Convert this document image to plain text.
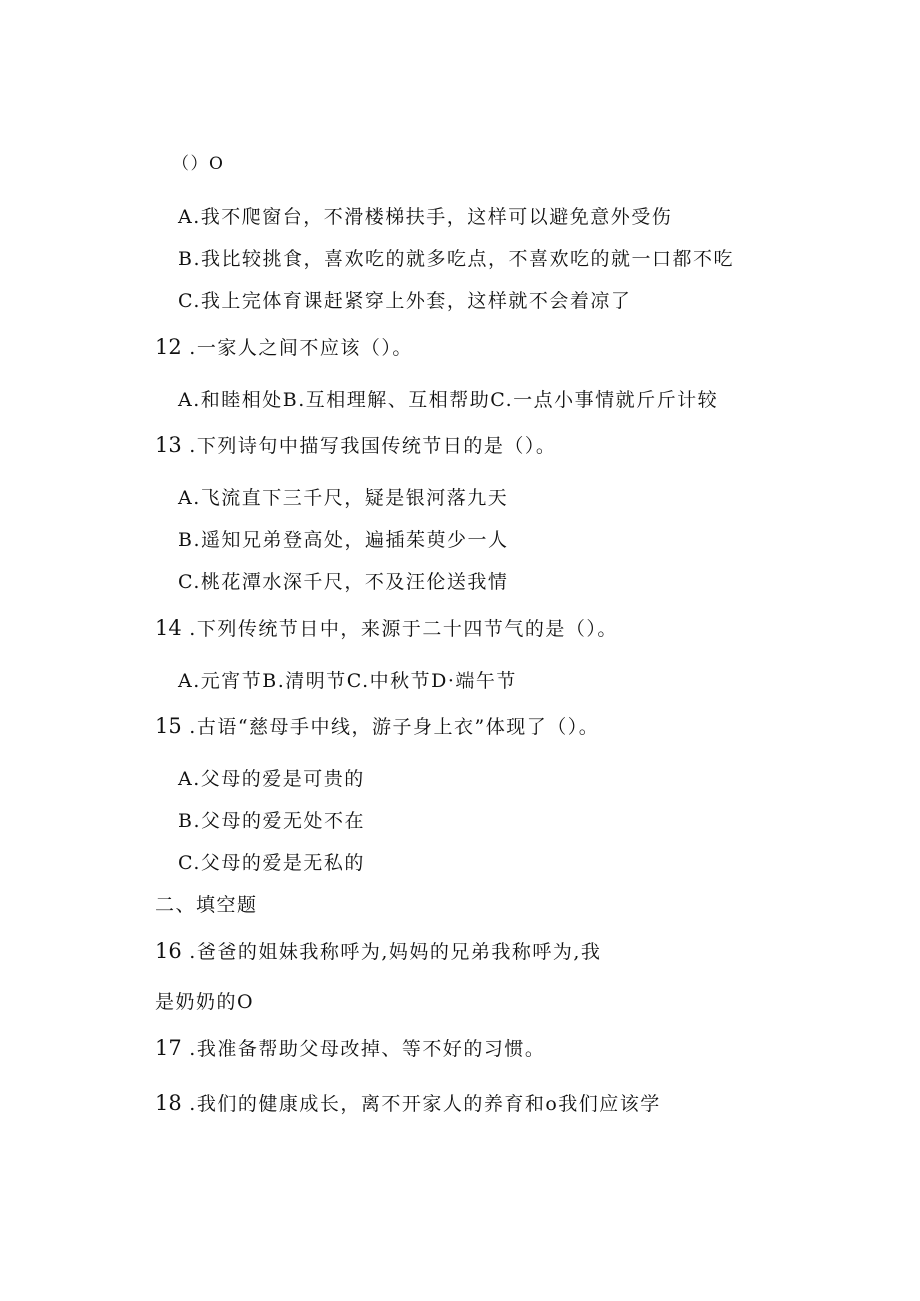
（）O
A.我不爬窗台，不滑楼梯扶手，这样可以避免意外受伤
B.我比较挑食，喜欢吃的就多吃点，不喜欢吃的就一口都不吃
C.我上完体育课赶紧穿上外套，这样就不会着凉了
12 .一家人之间不应该（）。
A.和睦相处B.互相理解、互相帮助C.一点小事情就斤斤计较
13 .下列诗句中描写我国传统节日的是（）。
A.飞流直下三千尺，疑是银河落九天
B.遥知兄弟登高处，遍插茱萸少一人
C.桃花潭水深千尺，不及汪伦送我情
14 .下列传统节日中，来源于二十四节气的是（）。
A.元宵节B.清明节C.中秋节D·端午节
15 .古语“慈母手中线，游子身上衣”体现了（）。
A.父母的爱是可贵的
B.父母的爱无处不在
C.父母的爱是无私的
二、填空题
16 .爸爸的姐妹我称呼为,妈妈的兄弟我称呼为,我
是奶奶的O
17 .我准备帮助父母改掉、等不好的习惯。
18 .我们的健康成长，离不开家人的养育和o我们应该学
